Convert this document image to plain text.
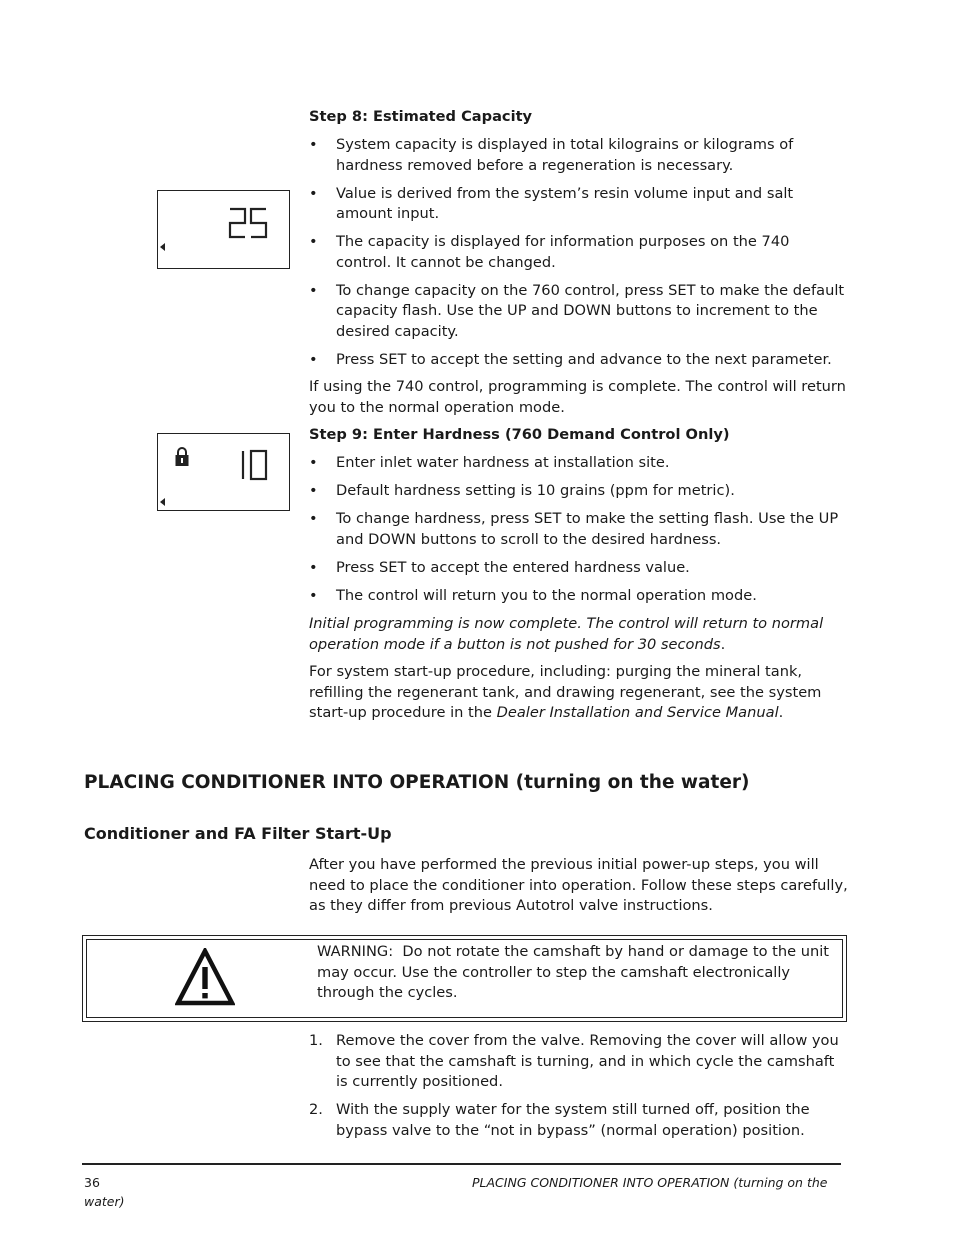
Step 8: Estimated Capacity
• System capacity is displayed in total kilograins or kilograms of hardness removed before a regeneration is necessary.
• Value is derived from the system’s resin volume input and salt amount input.
• The capacity is displayed for information purposes on the 740 control. It cannot be changed.
• To change capacity on the 760 control, press SET to make the default capacity flash. Use the UP and DOWN buttons to increment to the desired capacity.
• Press SET to accept the setting and advance to the next parameter.
If using the 740 control, programming is complete. The control will return you to the normal operation mode.
Step 9: Enter Hardness (760 Demand Control Only)
• Enter inlet water hardness at installation site.
• Default hardness setting is 10 grains (ppm for metric).
• To change hardness, press SET to make the setting flash. Use the UP and DOWN buttons to scroll to the desired hardness.
• Press SET to accept the entered hardness value.
• The control will return you to the normal operation mode.
Initial programming is now complete. The control will return to normal operation mode if a button is not pushed for 30 seconds.
For system start-up procedure, including: purging the mineral tank, refilling the regenerant tank, and drawing regenerant, see the system start-up procedure in the Dealer Installation and Service Manual.
PLACING CONDITIONER INTO OPERATION (turning on the water)
Conditioner and FA Filter Start-Up
After you have performed the previous initial power-up steps, you will need to place the conditioner into operation. Follow these steps carefully, as they differ from previous Autotrol valve instructions.
WARNING: Do not rotate the camshaft by hand or damage to the unit may occur. Use the controller to step the camshaft electronically through the cycles.
1. Remove the cover from the valve. Removing the cover will allow you to see that the camshaft is turning, and in which cycle the camshaft is currently positioned.
2. With the supply water for the system still turned off, position the bypass valve to the “not in bypass” (normal operation) position.
36	PLACING CONDITIONER INTO OPERATION (turning on the
water)
